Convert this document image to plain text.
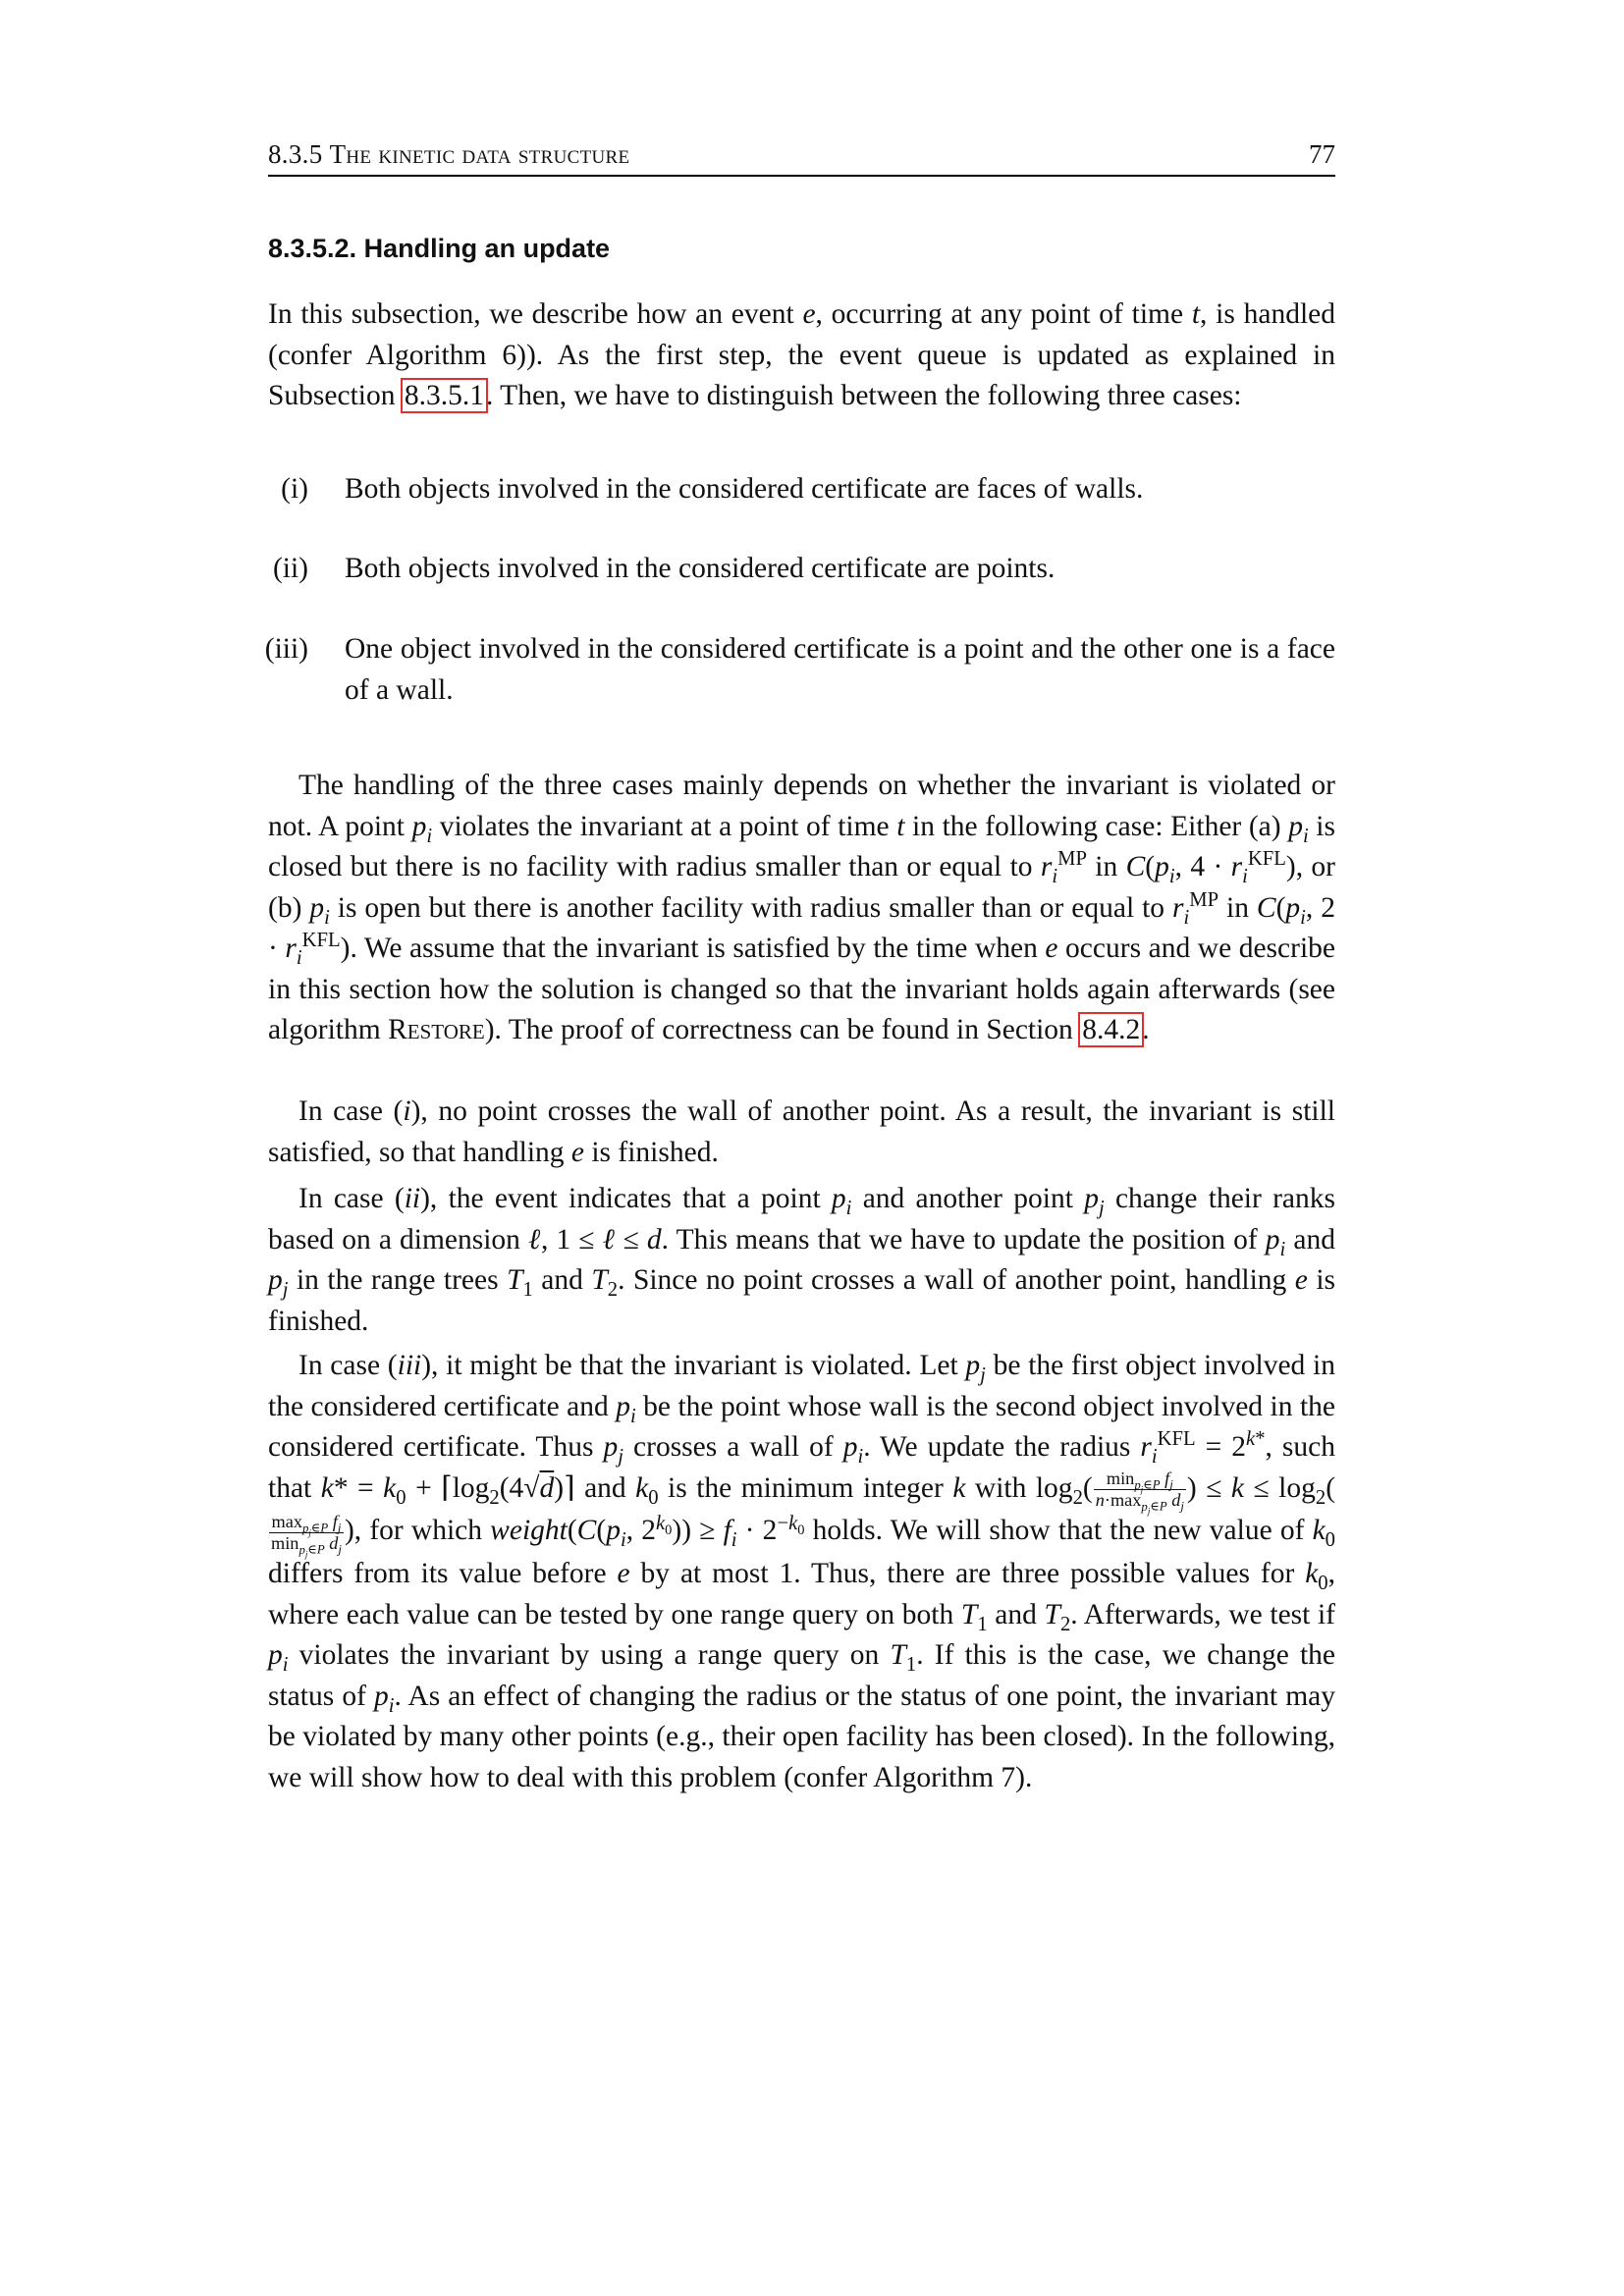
8.3.5 The kinetic data structure	77
8.3.5.2. Handling an update

In this subsection, we describe how an event e, occurring at any point of time t, is handled (confer Algorithm 6)). As the first step, the event queue is updated as explained in Subsection 8.3.5.1. Then, we have to distinguish between the following three cases:

(i) Both objects involved in the considered certificate are faces of walls.
(ii) Both objects involved in the considered certificate are points.
(iii) One object involved in the considered certificate is a point and the other one is a face of a wall.

The handling of the three cases mainly depends on whether the invariant is violated or not. A point $p_i$ violates the invariant at a point of time t in the following case: Either (a) $p_i$ is closed but there is no facility with radius smaller than or equal to $r_i^{MP}$ in $C(p_i$, $4 \cdot r_i^{KFL}$), or (b) $p_i$ is open but there is another facility with radius smaller than or equal to $r_i^{MP}$ in $C(p_i$, $2 \cdot r_i^{KFL}$). We assume that the invariant is satisfied by the time when e occurs and we describe in this section how the solution is changed so that the invariant holds again afterwards (see algorithm Restore). The proof of correctness can be found in Section 8.4.2.

In case (i), no point crosses the wall of another point. As a result, the invariant is still satisfied, so that handling e is finished.

In case (ii), the event indicates that a point $p_i$ and another point $p_j$ change their ranks based on a dimension ℓ, 1 ≤ ℓ ≤ d. This means that we have to update the position of $p_i$ and $p_j$ in the range trees $T_1$ and $T_2$. Since no point crosses a wall of another point, handling e is finished.

In case (iii), it might be that the invariant is violated. Let $p_j$ be the first object involved in the considered certificate and $p_i$ be the point whose wall is the second object involved in the considered certificate. Thus $p_j$ crosses a wall of $p_i$. We update the radius $r_i^{KFL} = 2^{k*}$, such that $k* = k_0$ + $⌈\log_2(4√d)⌉$ and $k_0$ is the minimum integer k with $\log_2( \frac{\min_{p_j\in P} f_j}{n\cdot\max_{p_j\in P} d_j}$ ) ≤ $k \le \log_2$(
$\frac{\max_{p_j\in P} f_j}{\min_{p_j\in P} d_j}$ ), for which $weight(C(p_i$, $2^{k_0})) \ge f_i \cdot 2^{-k_0}$ holds. We will show that the new value of $k_0$ differs from its value before e by at most 1. Thus, there are three possible values for $k_0$, where each value can be tested by one range query on both $T_1$ and $T_2$. Afterwards, we test if $p_i$ violates the invariant by using a range query on $T_1$. If this is the case, we change the status of $p_i$. As an effect of changing the radius or the status of one point, the invariant may be violated by many other points (e.g., their open facility has been closed). In the following, we will show how to deal with this problem (confer Algorithm 7).
